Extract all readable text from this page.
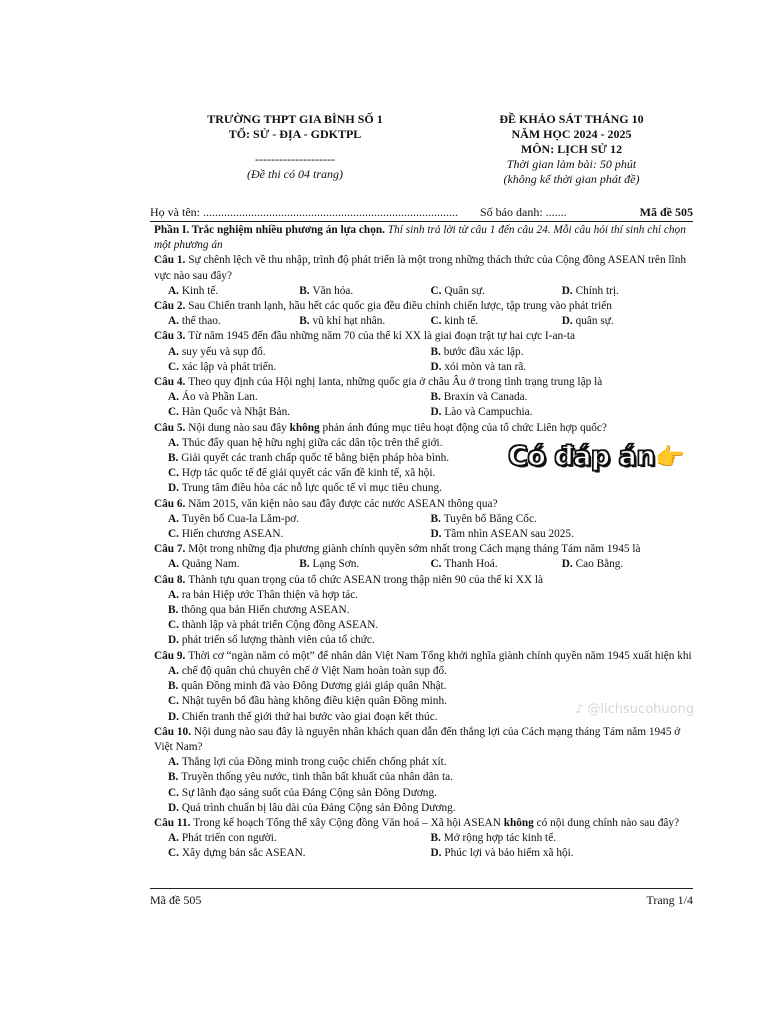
TRƯỜNG THPT GIA BÌNH SỐ 1
TỔ: SỬ - ĐỊA - GDKTPL
--------------------
(Đề thi có 04 trang)
ĐỀ KHẢO SÁT THÁNG 10
NĂM HỌC 2024 - 2025
MÔN: LỊCH SỬ 12
Thời gian làm bài: 50 phút
(không kể thời gian phát đề)
Họ và tên: ..................................................................................... Số báo danh: .......	Mã đề 505
Phần I. Trắc nghiệm nhiều phương án lựa chọn. Thí sinh trả lời từ câu 1 đến câu 24. Mỗi câu hỏi thí sinh chỉ chọn một phương án
Câu 1. Sự chênh lệch về thu nhập, trình độ phát triển là một trong những thách thức của Cộng đồng ASEAN trên lĩnh vực nào sau đây?
A. Kinh tế.	B. Văn hóa.	C. Quân sự.	D. Chính trị.
Câu 2. Sau Chiến tranh lạnh, hầu hết các quốc gia đều điều chỉnh chiến lược, tập trung vào phát triển
A. thể thao.	B. vũ khí hạt nhân.	C. kinh tế.	D. quân sự.
Câu 3. Từ năm 1945 đến đầu những năm 70 của thế kỉ XX là giai đoạn trật tự hai cực I-an-ta
A. suy yếu và sụp đổ.	B. bước đầu xác lập.
C. xác lập và phát triển.	D. xói mòn và tan rã.
Câu 4. Theo quy định của Hội nghị Ianta, những quốc gia ở châu Âu ở trong tình trạng trung lập là
A. Áo và Phần Lan.	B. Braxin và Canada.
C. Hàn Quốc và Nhật Bản.	D. Lào và Campuchia.
Câu 5. Nội dung nào sau đây không phản ánh đúng mục tiêu hoạt động của tổ chức Liên hợp quốc?
A. Thúc đẩy quan hệ hữu nghị giữa các dân tộc trên thế giới.
B. Giải quyết các tranh chấp quốc tế bằng biện pháp hòa bình.
C. Hợp tác quốc tế để giải quyết các vấn đề kinh tế, xã hội.
D. Trung tâm điều hòa các nỗ lực quốc tế vì mục tiêu chung.
Câu 6. Năm 2015, văn kiện nào sau đây được các nước ASEAN thông qua?
A. Tuyên bố Cua-la Lăm-pơ.	B. Tuyên bố Băng Cốc.
C. Hiến chương ASEAN.	D. Tầm nhìn ASEAN sau 2025.
Câu 7. Một trong những địa phương giành chính quyền sớm nhất trong Cách mạng tháng Tám năm 1945 là
A. Quảng Nam.	B. Lạng Sơn.	C. Thanh Hoá.	D. Cao Bằng.
Câu 8. Thành tựu quan trọng của tổ chức ASEAN trong thập niên 90 của thế kỉ XX là
A. ra bản Hiệp ước Thân thiện và hợp tác.
B. thông qua bản Hiến chương ASEAN.
C. thành lập và phát triển Cộng đồng ASEAN.
D. phát triển số lượng thành viên của tổ chức.
Câu 9. Thời cơ “ngàn năm có một” để nhân dân Việt Nam Tổng khởi nghĩa giành chính quyền năm 1945 xuất hiện khi
A. chế độ quân chủ chuyên chế ở Việt Nam hoàn toàn sụp đổ.
B. quân Đồng minh đã vào Đông Dương giải giáp quân Nhật.
C. Nhật tuyên bố đầu hàng không điều kiện quân Đồng minh.
D. Chiến tranh thế giới thứ hai bước vào giai đoạn kết thúc.
Câu 10. Nội dung nào sau đây là nguyên nhân khách quan dẫn đến thắng lợi của Cách mạng tháng Tám năm 1945 ở Việt Nam?
A. Thắng lợi của Đồng minh trong cuộc chiến chống phát xít.
B. Truyền thống yêu nước, tinh thần bất khuất của nhân dân ta.
C. Sự lãnh đạo sáng suốt của Đảng Cộng sản Đông Dương.
D. Quá trình chuẩn bị lâu dài của Đảng Cộng sản Đông Dương.
Câu 11. Trong kế hoạch Tổng thể xây Cộng đồng Văn hoá – Xã hội ASEAN không có nội dung chính nào sau đây?
A. Phát triển con người.	B. Mở rộng hợp tác kinh tế.
C. Xây dựng bản sắc ASEAN.	D. Phúc lợi và bảo hiểm xã hội.
Có đáp án👉
♪ @lichsucohuong
Mã đề 505	Trang 1/4
